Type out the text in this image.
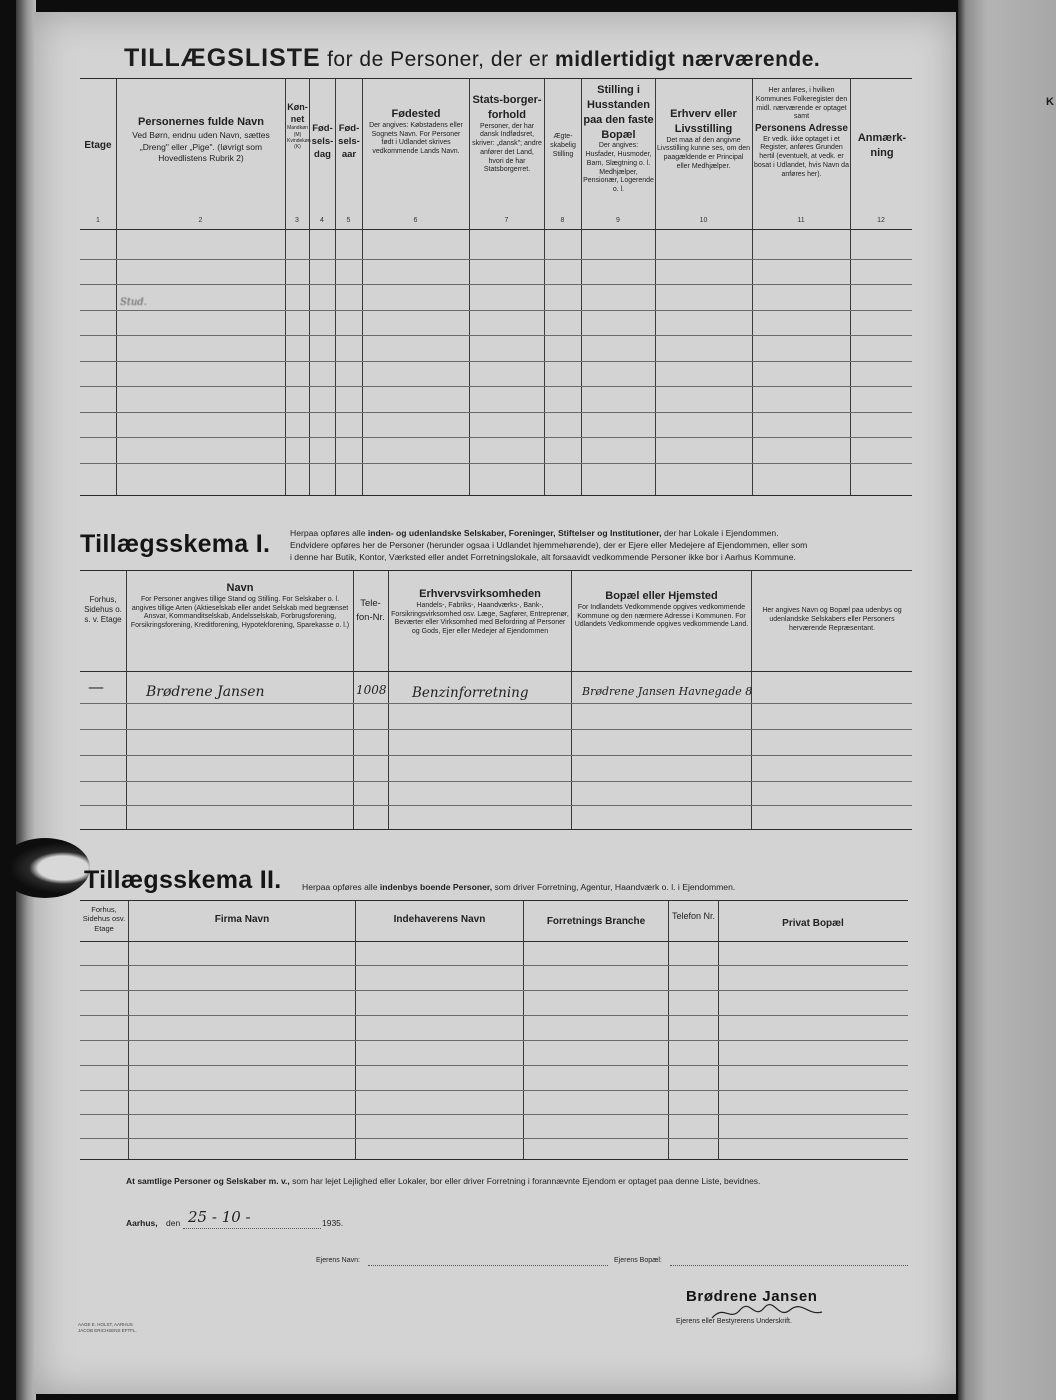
K
TILLÆGSLISTE for de Personer, der er midlertidigt nærværende.
Etage
Personernes fulde Navn
Ved Børn, endnu uden Navn, sættes „Dreng" eller „Pige". (Iøvrigt som Hovedlistens Rubrik 2)
Køn-net
Mandkøn (M) Kvindekøn (K)
Fød-sels-dag
Fød-sels-aar
Fødested
Der angives: Købstadens eller Sognets Navn. For Personer født i Udlandet skrives vedkommende Lands Navn.
Stats-borger-forhold
Personer, der har dansk Indfødsret, skriver: „dansk"; andre anfører det Land, hvori de har Statsborgerret.
Ægte-skabelig Stilling
Stilling i Husstanden paa den faste Bopæl
Der angives: Husfader, Husmoder, Barn, Slægtning o. l. Medhjælper, Pensionær, Logerende o. l.
Erhverv eller Livsstilling
Det maa af den angivne Livsstilling kunne ses, om den paagældende er Principal eller Medhjælper.
Her anføres, i hvilken Kommunes Folkeregister den midl. nærværende er optaget samt
Personens Adresse
Er vedk. ikke optaget i et Register, anføres Grunden hertil (eventuelt, at vedk. er bosat i Udlandet, hvis Navn da anføres her).
Anmærk-ning
1	2	3	4	5	6	7	8	9	10	11	12
Stud.
Tillægsskema I. Herpaa opføres alle inden- og udenlandske Selskaber, Foreninger, Stiftelser og Institutioner, der har Lokale i Ejendommen.
Endvidere opføres her de Personer (herunder ogsaa i Udlandet hjemmehørende), der er Ejere eller Medejere af Ejendommen, eller som
i denne har Butik, Kontor, Værksted eller andet Forretningslokale, alt forsaavidt vedkommende Personer ikke bor i Aarhus Kommune.
Forhus, Sidehus o. s. v. Etage
Navn
For Personer angives tillige Stand og Stilling. For Selskaber o. l. angives tillige Arten (Aktieselskab eller andet Selskab med begrænset Ansvar, Kommanditselskab, Andelsselskab, Forbrugsforening, Forsikringsforening, Kreditforening, Hypotekforening, Sparekasse o. l.)
Tele-fon-Nr.
Erhvervsvirksomheden
Handels-, Fabriks-, Haandværks-, Bank-, Forsikringsvirksomhed osv. Læge, Sagfører, Entreprenør, Beværter eller Virksomhed med Befordring af Personer og Gods, Ejer eller Medejer af Ejendommen
Bopæl eller Hjemsted
For Indlandets Vedkommende opgives vedkommende Kommune og den nærmere Adresse i Kommunen. For Udlandets Vedkommende opgives vedkommende Land.
Her angives Navn og Bopæl paa udenbys og udenlandske Selskabers eller Personers herværende Repræsentant.
—	Brødrene Jansen	1008 Benzinforretning	Brødrene Jansen Havnegade 8
Tillægsskema II. Herpaa opføres alle indenbys boende Personer, som driver Forretning, Agentur, Haandværk o. l. i Ejendommen.
Forhus, Sidehus osv. Etage
Firma Navn	Indehaverens Navn	Forretnings Branche	Telefon Nr.
Privat Bopæl
At samtlige Personer og Selskaber m. v., som har lejet Lejlighed eller Lokaler, bor eller driver Forretning i forannævnte Ejendom er optaget paa denne Liste, bevidnes.
Aarhus, den 25 - 10 -	1935.
Ejerens Navn:	Ejerens Bopæl:
Brødrene Jansen
Ejerens eller Bestyrerens Underskrift.
AAGE E. HOLST, AARHUS JACOB ERICHSENS EFTFL.
